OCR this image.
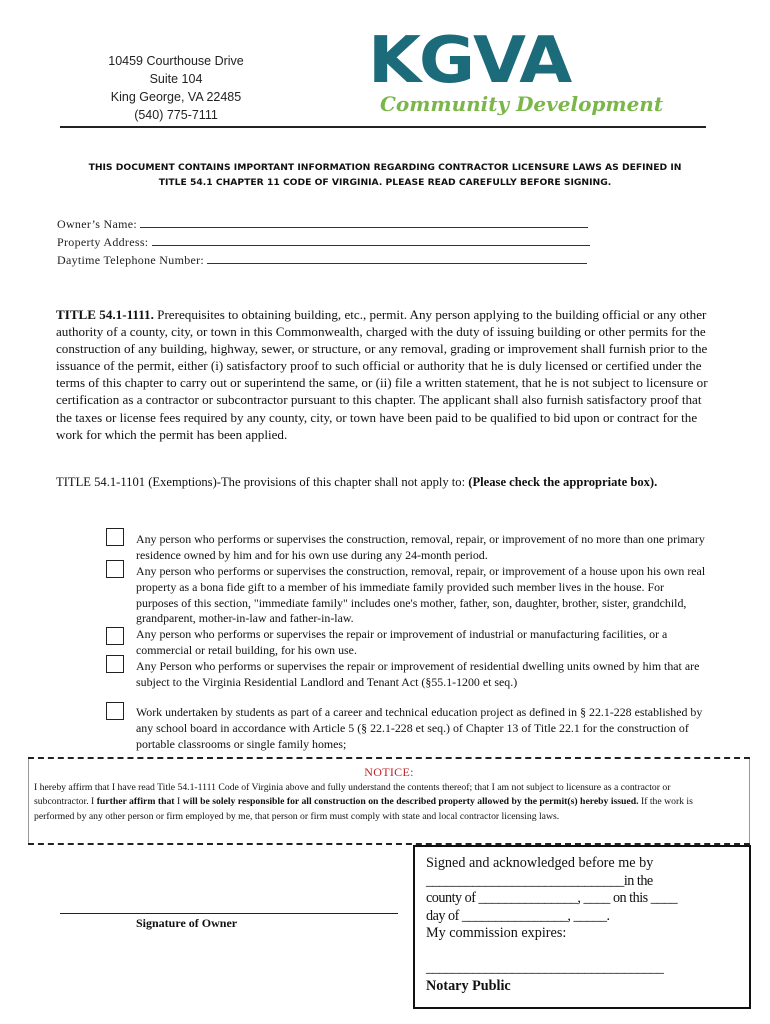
10459 Courthouse Drive
Suite 104
King George, VA 22485
(540) 775-7111
KGVA
Community Development
THIS DOCUMENT CONTAINS IMPORTANT INFORMATION REGARDING CONTRACTOR LICENSURE LAWS AS DEFINED IN
TITLE 54.1 CHAPTER 11 CODE OF VIRGINIA. PLEASE READ CAREFULLY BEFORE SIGNING.
Owner’s Name:
Property Address:
Daytime Telephone Number:
TITLE 54.1-1111. Prerequisites to obtaining building, etc., permit. Any person applying to the building official or any other authority of a county, city, or town in this Commonwealth, charged with the duty of issuing building or other permits for the construction of any building, highway, sewer, or structure, or any removal, grading or improvement shall furnish prior to the issuance of the permit, either (i) satisfactory proof to such official or authority that he is duly licensed or certified under the terms of this chapter to carry out or superintend the same, or (ii) file a written statement, that he is not subject to licensure or certification as a contractor or subcontractor pursuant to this chapter. The applicant shall also furnish satisfactory proof that the taxes or license fees required by any county, city, or town have been paid to be qualified to bid upon or contract for the work for which the permit has been applied.
TITLE 54.1-1101 (Exemptions)-The provisions of this chapter shall not apply to: (Please check the appropriate box).
Any person who performs or supervises the construction, removal, repair, or improvement of no more than one primary residence owned by him and for his own use during any 24-month period.
Any person who performs or supervises the construction, removal, repair, or improvement of a house upon his own real property as a bona fide gift to a member of his immediate family provided such member lives in the house. For purposes of this section, "immediate family" includes one's mother, father, son, daughter, brother, sister, grandchild, grandparent, mother-in-law and father-in-law.
Any person who performs or supervises the repair or improvement of industrial or manufacturing facilities, or a commercial or retail building, for his own use.
Any Person who performs or supervises the repair or improvement of residential dwelling units owned by him that are subject to the Virginia Residential Landlord and Tenant Act (§55.1-1200 et seq.)
Work undertaken by students as part of a career and technical education project as defined in § 22.1-228 established by any school board in accordance with Article 5 (§ 22.1-228 et seq.) of Chapter 13 of Title 22.1 for the construction of portable classrooms or single family homes;
NOTICE:
I hereby affirm that I have read Title 54.1-1111 Code of Virginia above and fully understand the contents thereof; that I am not subject to licensure as a contractor or subcontractor. I further affirm that I will be solely responsible for all construction on the described property allowed by the permit(s) hereby issued. If the work is performed by any other person or firm employed by me, that person or firm must comply with state and local contractor licensing laws.
Signature of Owner
Signed and acknowledged before me by
______________________________in the
county of _______________, ____ on this ____
day of ________________, _____.
My commission expires:
____________________________________
Notary Public
